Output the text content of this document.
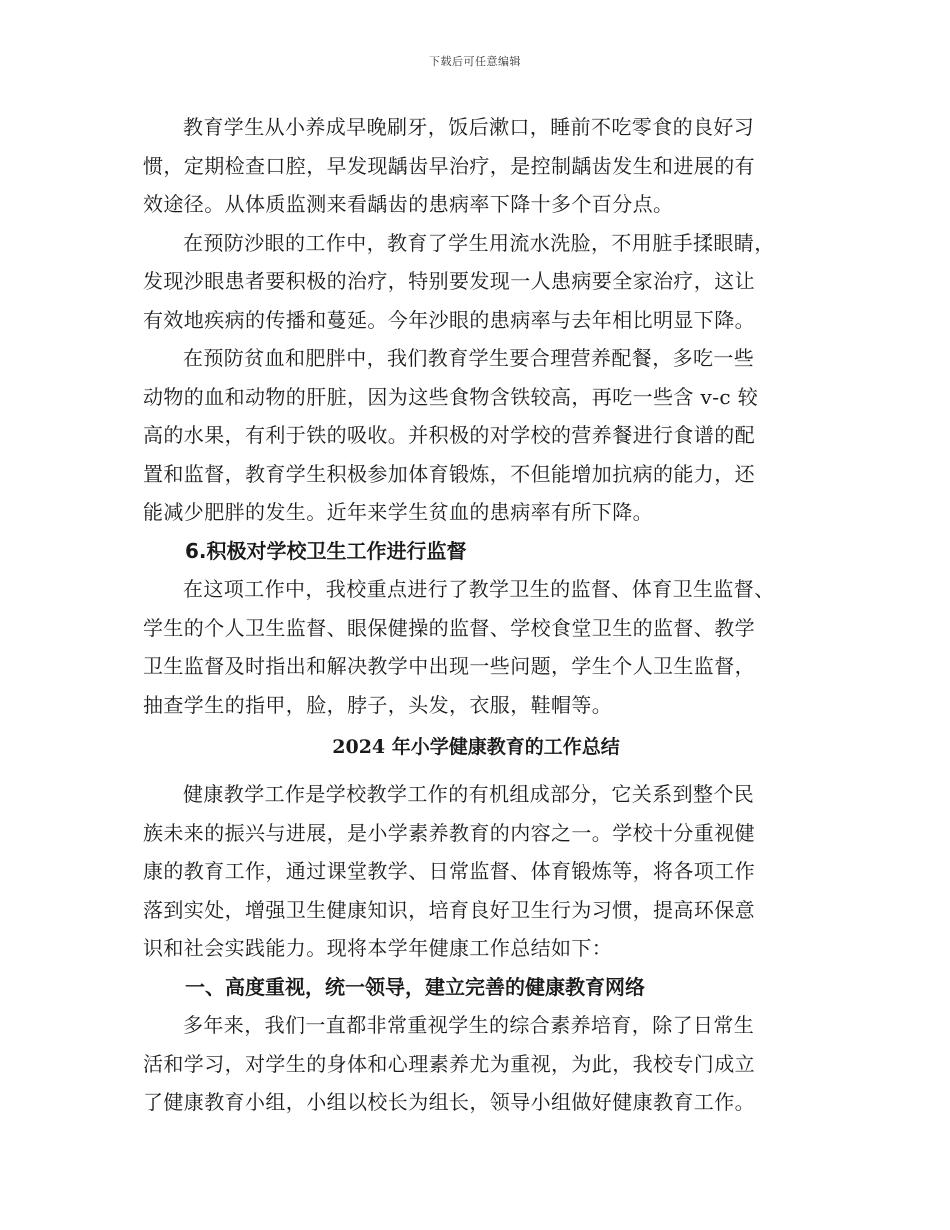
下载后可任意编辑

教育学生从小养成早晚刷牙，饭后漱口，睡前不吃零食的良好习
惯，定期检查口腔，早发现龋齿早治疗，是控制龋齿发生和进展的有
效途径。从体质监测来看龋齿的患病率下降十多个百分点。

在预防沙眼的工作中，教育了学生用流水洗脸，不用脏手揉眼睛，
发现沙眼患者要积极的治疗，特别要发现一人患病要全家治疗，这让
有效地疾病的传播和蔓延。今年沙眼的患病率与去年相比明显下降。

在预防贫血和肥胖中，我们教育学生要合理营养配餐，多吃一些
动物的血和动物的肝脏，因为这些食物含铁较高，再吃一些含 v-c 较
高的水果，有利于铁的吸收。并积极的对学校的营养餐进行食谱的配
置和监督，教育学生积极参加体育锻炼，不但能增加抗病的能力，还
能减少肥胖的发生。近年来学生贫血的患病率有所下降。

6.积极对学校卫生工作进行监督

在这项工作中，我校重点进行了教学卫生的监督、体育卫生监督、
学生的个人卫生监督、眼保健操的监督、学校食堂卫生的监督、教学
卫生监督及时指出和解决教学中出现一些问题，学生个人卫生监督，
抽查学生的指甲，脸，脖子，头发，衣服，鞋帽等。

2024 年小学健康教育的工作总结

健康教学工作是学校教学工作的有机组成部分，它关系到整个民
族未来的振兴与进展，是小学素养教育的内容之一。学校十分重视健
康的教育工作，通过课堂教学、日常监督、体育锻炼等，将各项工作
落到实处，增强卫生健康知识，培育良好卫生行为习惯，提高环保意
识和社会实践能力。现将本学年健康工作总结如下：

一、高度重视，统一领导，建立完善的健康教育网络

多年来，我们一直都非常重视学生的综合素养培育，除了日常生
活和学习，对学生的身体和心理素养尤为重视，为此，我校专门成立
了健康教育小组，小组以校长为组长，领导小组做好健康教育工作。
